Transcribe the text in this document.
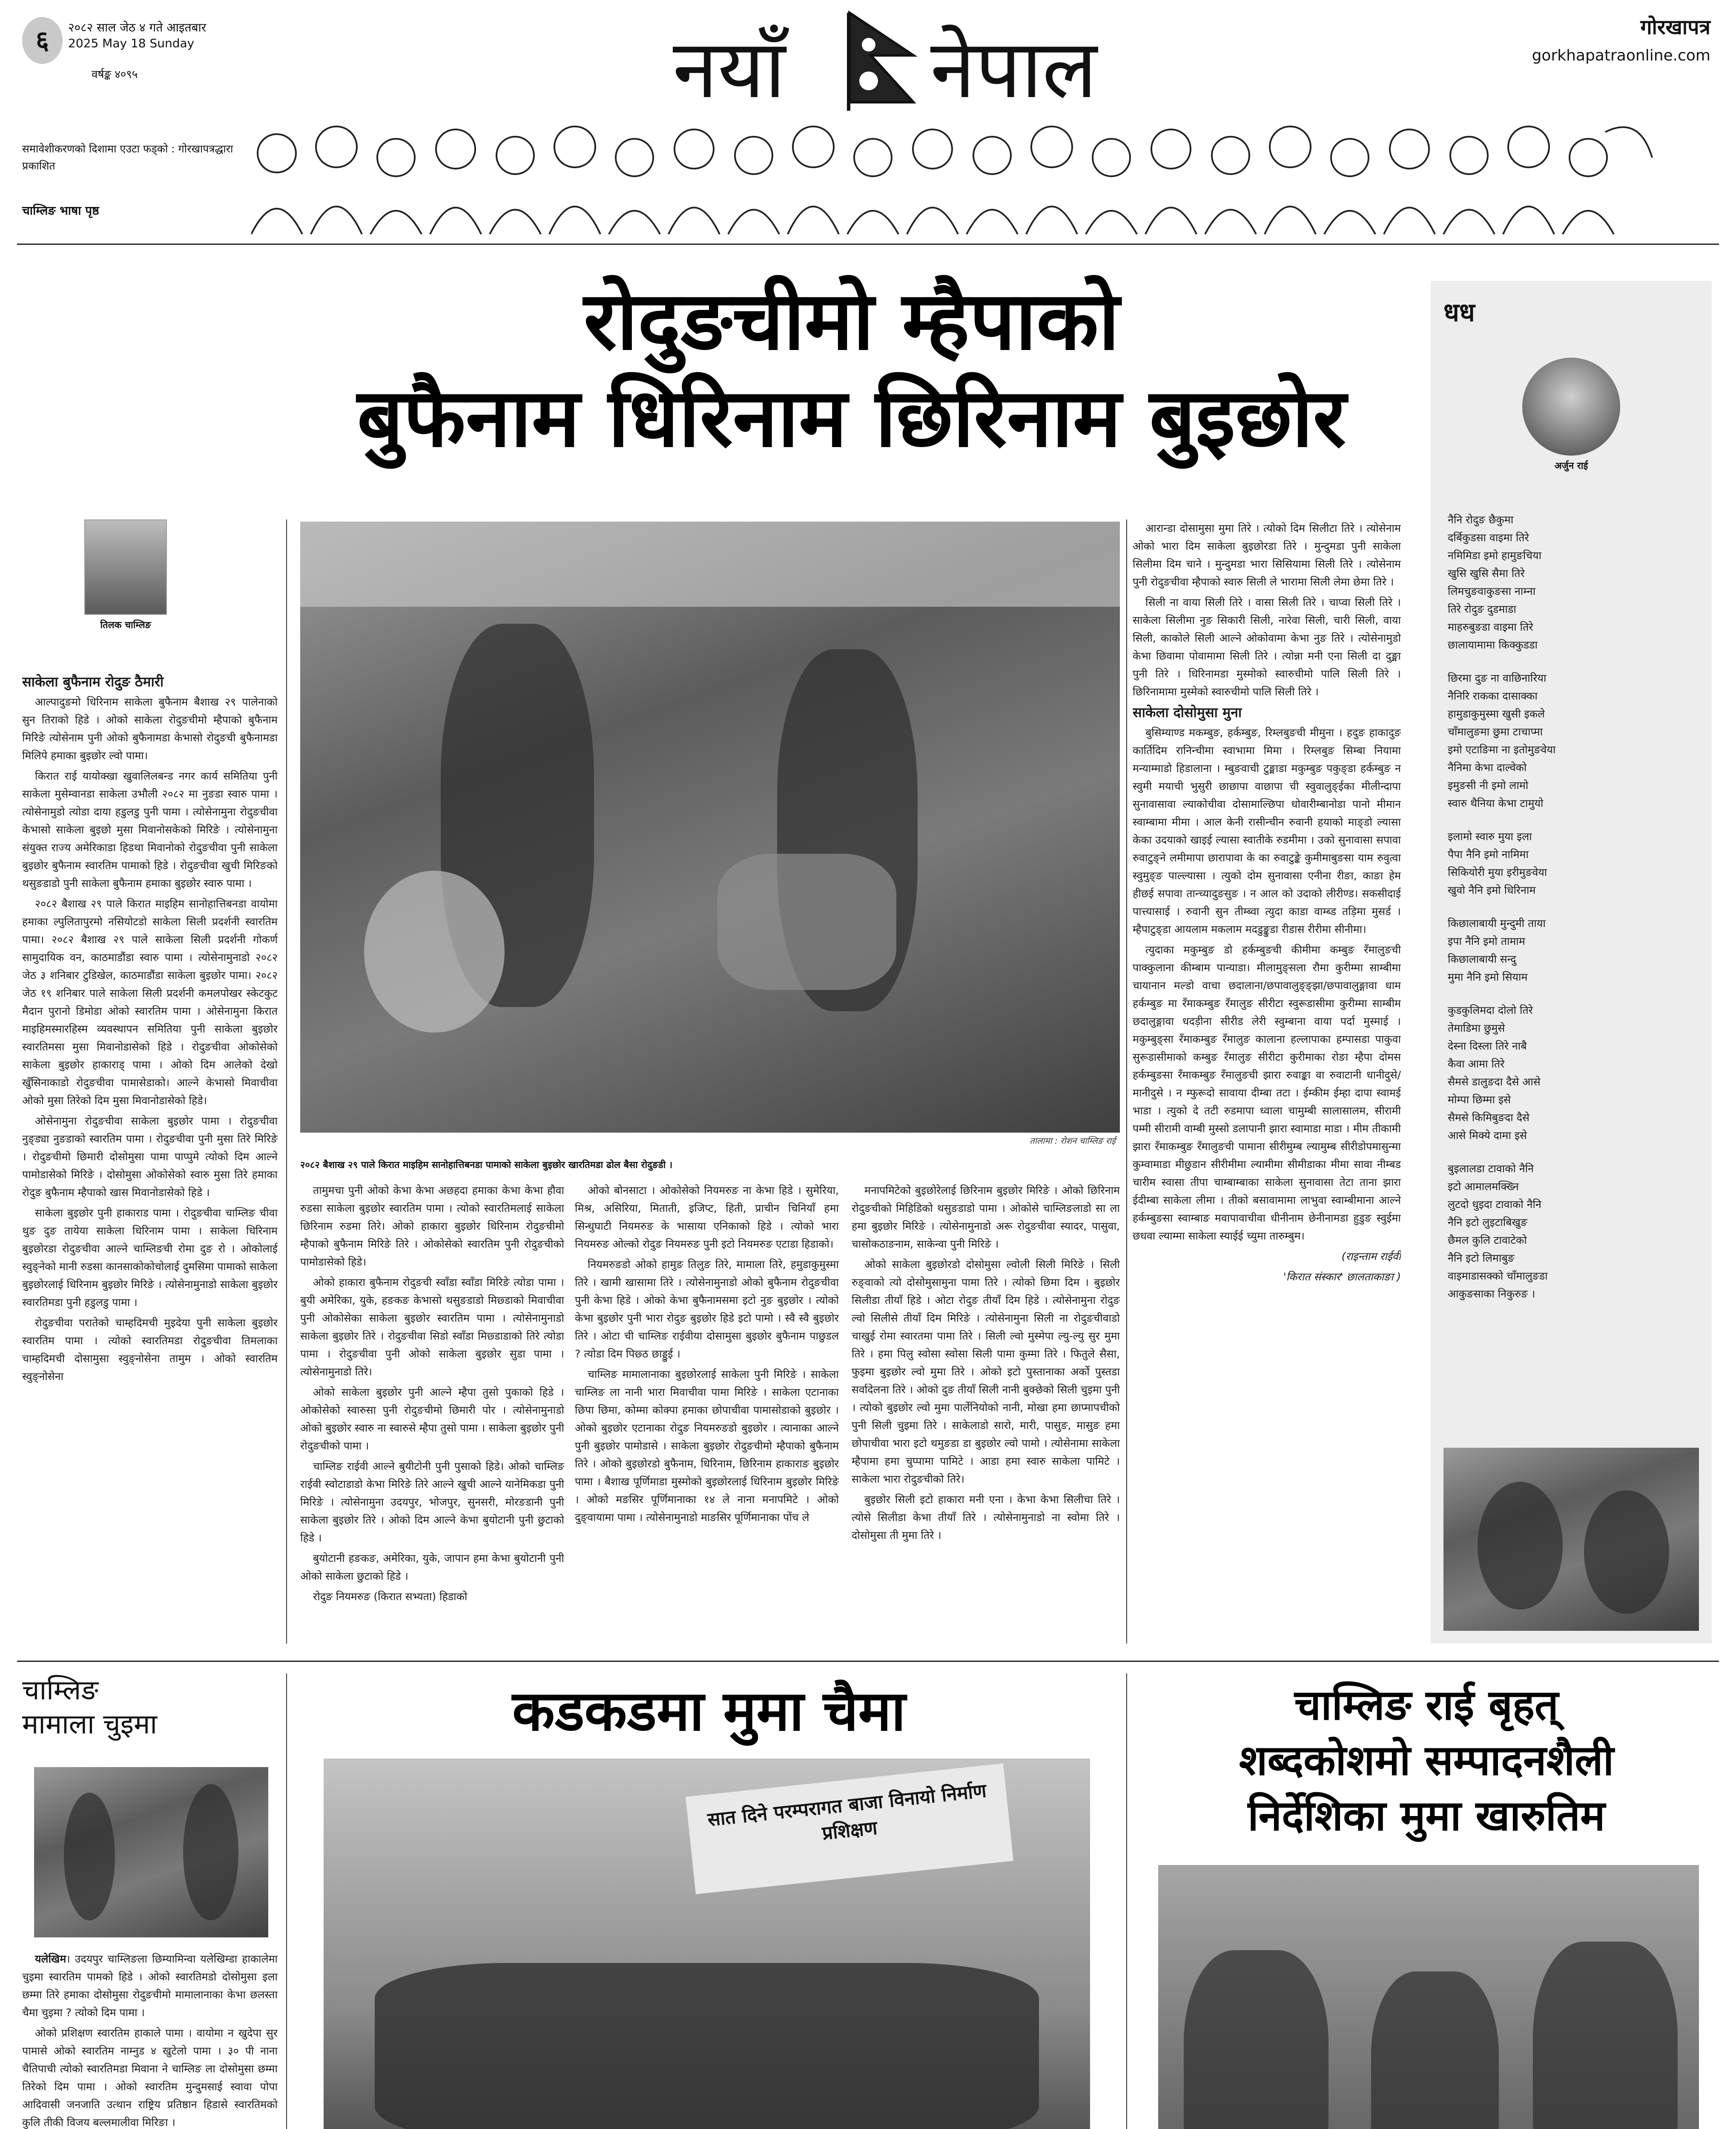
६	२०८२ साल जेठ ४ गते आइतबार
2025 May 18 Sunday
वर्षङ्क ४०९५	नयाँ नेपाल	गोरखापत्र
gorkhapatraonline.com
समावेशीकरणको दिशामा एउटा फड्को : गोरखापत्रद्धारा प्रकाशित
चाम्लिङ भाषा पृष्ठ
रोदुङचीमो म्हैपाको
बुफैनाम धिरिनाम छिरिनाम बुइछोर
तिलक चाम्लिङ

साकेला बुफैनाम रोदुङ ठैमारी

आल्पादुङमो धिरिनाम साकेला बुफैनाम बैशाख २९ पालेनाको सुन तिराको हिडे । ओको साकेला रोदुङचीमो म्हैपाको बुफैनाम मिरिङे त्योसेनाम पुनी ओको बुफैनामडा केभासो रोदुङची बुफैनामडा मिलिपे हमाका बुइछोर ल्वो पामा।

किरात राई यायोक्खा खुवालिलबन्ड नगर कार्य समितिया पुनी साकेला मुसेम्वानडा साकेला उभौली २०८२ मा नुङडा स्वारु पामा । त्योसेनामुडो त्योडा दाया हडुलडु पुनी पामा । त्योसेनामुना रोदुङचीवा केभासो साकेला बुइछो मुसा मिवानोसकेको मिरिङे । त्योसेनामुना संयुक्त राज्य अमेरिकाडा हिडथा मिवानोको रोदुङचीवा पुनी साकेला बुइछोर बुफैनाम स्वारतिम पामाको हिडे । रोदुङचीवा खुची मिरिङको थसुङडाडो पुनी साकेला बुफैनाम हमाका बुइछोर स्वारु पामा ।

२०८२ बैशाख २९ पाले किरात माइहिम सानोहात्तिबनडा वायोमा हमाका ल्पुलितापुरमो नसियोटडो साकेला सिली प्रदर्शनी स्वारतिम पामा। २०८२ बैशाख २९ पाले साकेला सिली प्रदर्शनी गोकर्ण सामुदायिक वन, काठमाडौंडा स्वारु पामा । त्योसेनामुनाडो २०८२ जेठ ३ शनिबार टुडिखेल, काठमाडौंडा साकेला बुइछोर पामा। २०८२ जेठ १९ शनिबार पाले साकेला सिली प्रदर्शनी कमलपोखर स्केटकुट मैदान पुरानो डिमोडा ओको स्वारतिम पामा । ओसेनामुना किरात माइहिमस्मारहिस्म व्यवस्थापन समितिया पुनी साकेला बुइछोर स्वारतिमसा मुसा मिवानोडासेको हिडे । रोदुङचीवा ओकोसेको साकेला बुइछोर हाकाराड् पामा । ओको दिम आलेको देखो खुँसिनाकाडो रोदुङचीवा पामासेडाको। आल्ने केभासो मिवाचीवा ओको मुसा तिरेको दिम मुसा मिवानोडासेको हिडे।

ओसेनामुना रोदुङचीवा साकेला बुइछोर पामा । रोदुङचीवा नुङ्ड्या नुङडाको स्वारतिम पामा । रोदुङचीवा पुनी मुसा तिरे मिरिङे । रोदुङचीमो छिमारी दोसोमुसा पामा पाप्पुमे त्योको दिम आल्ने पामोडासेको मिरिङे । दोसोमुसा ओकोसेको स्वारु मुसा तिरे हमाका रोदुङ बुफैनाम म्हैपाको खास मिवानोडासेको हिडे ।

साकेला बुइछोर पुनी हाकाराड पामा । रोदुङचीवा चाम्लिङ चीवा थुङ दुङ तायेया साकेला धिरिनाम पामा । साकेला धिरिनाम बुइछोरडा रोदुङचीवा आल्ने चाम्लिङची रोमा दुङ रो । ओकोलाई स्वुङ्नेको मानी रुडसा कानसाकोकोचोलाई दुमसिमा पामाको साकेला बुइछोरलाई धिरिनाम बुइछोर मिरिङे । त्योसेनामुनाडो साकेला बुइछोर स्वारतिमडा पुनी हडुलडु पामा ।

रोदुङचीवा परातेको चाम्हदिमची मुइदेया पुनी साकेला बुइछोर स्वारतिम पामा । त्योको स्वारतिमडा रोदुङचीवा तिमलाका चाम्हदिमची दोसामुसा स्वुङ्नोसेना तामुम । ओको स्वारतिम स्वुङ्नोसेना

तालामा : रोशन चाम्लिङ राई
२०८२ बैशाख २९ पाले किरात माइहिम सानोहात्तिबनडा पामाको साकेला बुइछोर खारतिमडा ढोल बैसा रोदुङडी ।

तामुमचा पुनी ओको केभा केभा अछहदा हमाका केभा केभा हौवा रुडसा साकेला बुइछोर स्वारतिम पामा । त्योको स्वारतिमलाई साकेला छिरिनाम रुडमा तिरे। ओको हाकारा बुइछोर धिरिनाम रोदुङचीमो म्हैपाको बुफैनाम मिरिङे तिरे । ओकोसेको स्वारतिम पुनी रोदुङचीको पामोडासेको हिडे।

ओको हाकारा बुफैनाम रोदुङची स्वाँडा स्वाँडा मिरिङे त्योडा पामा । बुयी अमेरिका, युके, हङकङ केभासो थसुङडाडो मिछ्डाको मिवाचीवा पुनी ओकोसेका साकेला बुइछोर स्वारतिम पामा । त्योसेनामुनाडो साकेला बुइछोर तिरे । रोदुङचीवा सिडो स्वाँडा मिछ्डाडाको तिरे त्योडा पामा । रोदुङचीवा पुनी ओको साकेला बुइछोर सुडा पामा । त्योसेनामुनाडो तिरे।

ओको साकेला बुइछोर पुनी आल्ने म्हैपा तुसो पुकाको हिडे । ओकोसेको स्वारुसा पुनी रोदुङचीमो छिमारी पोर । त्योसेनामुनाडो ओको बुइछोर स्वारु ना स्वारुसे म्हैपा तुसो पामा । साकेला बुइछोर पुनी रोदुङचीको पामा ।

चाम्लिङ राईवी आल्ने बुयीटोनी पुनी पुसाको हिडे। ओको चाम्लिङ राईवी स्वोटाडाडो केभा मिरिङे तिरे आल्ने खुची आल्ने यानेमिकडा पुनी मिरिङे । त्योसेनामुना उदयपुर, भोजपुर, सुनसरी, मोरङडानी पुनी साकेला बुइछोर तिरे । ओको दिम आल्ने केभा बुयोटानी पुनी छुटाको हिडे ।

बुयोटानी हङकङ, अमेरिका, युके, जापान हमा केभा बुयोटानी पुनी ओको साकेला छुटाको हिडे ।

रोदुङ नियमरुङ (किरात सभ्यता) हिडाको

ओको बोनसाटा । ओकोसेको नियमरुङ ना केभा हिडे । सुमेरिया, मिश्र, असिरिया, मिताती, इजिप्ट, हिती, प्राचीन चिनियाँ हमा सिन्धुघाटी नियमरुङ के भासाया एनिकाको हिडे । त्योको भारा नियमरुङ ओल्को रोदुङ नियमरुङ पुनी इटो नियमरुङ एटाडा हिडाको।

नियमरुङडो ओको हामुङ तिलुङ तिरे, मामाला तिरे, हमुडाकुमुस्मा तिरे । खामी खासामा तिरे । त्योसेनामुनाडो ओको बुफैनाम रोदुङचीवा पुनी केभा हिडे । ओको केभा बुफैनामसमा इटो नुङ बुइछोर । त्योको केभा बुइछोर पुनी भारा रोदुङ बुइछोर हिडे इटो पामो । स्वै स्वै बुइछोर तिरे । ओटा ची चाम्लिङ राईवीया दोसामुसा बुइछोर बुफैनाम पाछुडल ? त्योडा दिम पिछ्ठ छाड्डुई ।

चाम्लिङ मामालानाका बुइछोरलाई साकेला पुनी मिरिङे । साकेला चाम्लिङ ला नानी भारा मिवाचीवा पामा मिरिङे । साकेला एटानाका छिपा छिमा, कोम्मा कोक्पा हमाका छोपाचीवा पामासोडाको बुइछोर । ओको बुइछोर एटानाका रोदुङ नियमरुङडो बुइछोर । त्यानाका आल्ने पुनी बुइछोर पामोडासे । साकेला बुइछोर रोदुङचीमो म्हैपाको बुफैनाम तिरे । ओको बुइछोरडो बुफैनाम, धिरिनाम, छिरिनाम हाकाराङ बुइछोर पामा । बैशाख पूर्णिमाडा मुस्मोको बुइछोरलाई धिरिनाम बुइछोर मिरिङे । ओको मङसिर पूर्णिमानाका १४ ले नाना मनापमिटे । ओको दुङ्वायामा पामा । त्योसेनामुनाडो माङसिर पूर्णिमानाका पोंच ले

मनापमिटेको बुइछोरेलाई छिरिनाम बुइछोर मिरिङे । ओको छिरिनाम रोदुङचीको मिहिडिको थसुङडाडो पामा । ओकोसे चाम्लिङलाडो सा ला हमा बुइछोर मिरिङे । त्योसेनामुनाडो अरू रोदुङचीवा स्यादर, पासुवा, चासोकठाङनाम, साकेन्वा पुनी मिरिङे ।

ओको साकेला बुइछोरडो दोसोमुसा ल्वोली सिली मिरिङे । सिली रुङ्वाको त्यो दोसोमुसामुना पामा तिरे । त्योको छिमा दिम । बुइछोर सिलीडा तीयाँ हिडे । ओटा रोदुङ तीयाँ दिम हिडे । त्योसेनामुना रोदुङ ल्वो सिलीसे तीयाँ दिम मिरिङे । त्योसेनामुना सिली ना रोदुङचीवाडो चाखुई रोमा स्वारतमा पामा तिरे । सिली ल्वो मुस्मेपा ल्यु-ल्यु सुर मुमा तिरे । हमा पिलु स्वोसा स्वोसा सिली पामा कुम्मा तिरे । फितुले सैसा, फुइमा बुइछोर ल्वो मुमा तिरे । ओको इटो पुस्तानाका अर्को पुस्तडा सर्वादेलना तिरे । ओको दुङ तीयाँ सिली नानी बुक्छेको सिली चुइमा पुनी । त्योको बुइछोर ल्वो मुमा पार्लेनियोको नानी, मोखा हमा छाप्मापचीको पुनी सिली चुइमा तिरे । साकेलाडो सारो, मारी, पासुङ, मासुङ हमा छोपाचीवा भारा इटो थमुङडा डा बुइछोर ल्वो पामो । त्योसेनामा साकेला म्हैपामा हमा चुप्पामा पामिटे । आडा हमा स्वारु साकेला पामिटे । साकेला भारा रोदुङचीको तिरे।

बुइछोर सिली इटो हाकारा मनी एना । केभा केभा सिलीचा तिरे । त्योसे सिलीडा केभा तीयाँ तिरे । त्योसेनामुनाडो ना स्वोमा तिरे । दोसोमुसा ती मुमा तिरे ।

आरान्डा दोसामुसा मुमा तिरे । त्योको दिम सिलीटा तिरे । त्योसेनाम ओको भारा दिम साकेला बुइछोरडा तिरे । मुन्दुमडा पुनी साकेला सिलीमा दिम चाने । मुन्दुमडा भारा सिसियामा सिली तिरे । त्योसेनाम पुनी रोदुङचीवा म्हैपाको स्वारु सिली ले भारामा सिली लेमा छेमा तिरे ।

सिली ना वाया सिली तिरे । वासा सिली तिरे । चाप्वा सिली तिरे । साकेला सिलीमा नुङ सिकारी सिली, नारेवा सिली, चारी सिली, वाया सिली, काकोले सिली आल्ने ओकोवामा केभा नुङ तिरे । त्योसेनामुडो केभा छिवामा पोवामामा सिली तिरे । त्योन्ना मनी एना सिली दा दुङ्मा पुनी तिरे । धिरिनामडा मुस्मोको स्वारुचीमो पालि सिली तिरे । छिरिनामामा मुस्मेको स्वारुचीमो पालि सिली तिरे ।

साकेला दोसोमुसा मुना

बुसिम्याण्ड मकम्बुङ, हर्कम्बुङ, रिम्लबुङची मीमुना । हदुङ हाकादुङ कार्तिदिम रानिन्चीमा स्वाभामा मिमा । रिम्लबुङ सिम्बा नियामा मन्याम्माडो हिडालाना । म्बुङवाची टुङ्माडा मकुम्बुङ पकुङ्डा हर्कम्बुङ न स्वुमी मयाची भुसुरी छाछापा वाछापा ची स्वुवालुङ्ईका मीलीन्दापा सुनावासावा ल्याकोचीवा दोसामाल्छिपा धोवारीम्बानोडा पानो मीमान स्वाम्बामा मीमा । आल केनी रासीन्चीन रुवानी हयाको माङ्डो ल्यासा केका उदयाको खाइई ल्यासा स्वातीके रुडमीमा । उको सुनावासा सपावा रुवाटुङ्ने लमीमापा छारापावा के का रुवाटुङ्के कुमीमाबुङसा याम रुवुत्वा स्वुमुङ्ङ पाल्ल्यासा । त्युको दोम सुनावासा एनीना रीङा, काङा हेम हीछई सपावा तान्च्यादुङसुङ । न आल को उदाको लीरीण्ड। सकसीदाई पात्त्यासाई । रुवानी सुन तीम्ब्वा त्युदा काडा वाम्ब्ड तड़िमा मुसर्ड । म्हैपाटुङ्डा आयलाम मकलाम मदडुङ्कुडा रीडास रीरीमा सीनीमा।

त्युदाका मकुम्बुङ डो हर्कम्बुङची कीमीमा कम्बुङ रँमालुङची पाक्कुलाना कीम्बाम पान्याडा। मीलामुङ्सला रौमा कुरीम्मा साम्बीमा चायानान मल्डो वाचा छदालाना/छपावालुङ्ङ्झा/छपावालुङ्गावा धाम हर्कम्बुङ मा रँमाकम्बुङ रँमालुङ सीरीटा स्वुरूडासीमा कुरीम्मा साम्बीम छदालुङ्गावा धदड़ीना सीरीड लेरी स्वुम्बाना वाया पर्दा मुस्माई । मकुम्बुङ्सा रँमाकम्बुङ रँमालुङ कालाना हल्लापाका हम्पासडा पाकुवा सुरूडासीमाको कम्बुङ रँमालुङ सीरीटा कुरीमाका रोङा म्हैपा दोमस हर्कम्बुङसा रँमाकम्बुङ रँमालुङची झारा रुवाङ्का वा रुवाटानी धानीदुसे/मानीदुसे । न म्फुरूदो सावाया दीम्बा तटा । ईम्कीम ईम्हा दापा स्वामई भाडा । त्युको दे तटी रुडमापा ध्वाला चामुम्बी सालासालम, सीरामी पम्मी सीरामी वाम्बी मुस्सो डलापानी झारा स्वामाडा माडा । मीम तीकामी झारा रँमाकम्बुङ रँमालुङची पामाना सीरीमुम्ब ल्यामुम्ब सीरीडोपमासुन्मा कुम्वामाडा मीछुडान सीरीमीमा ल्यामीमा सीमीडाका मीमा सावा नीम्बड चारीम स्वासा तीपा चाम्बाम्बाका साकेला सुनावासा तेटा ताना झारा ईदीम्बा साकेला लीमा । तीको बसावामामा लाभुवा स्वाम्बीमाना आल्ने हर्कम्बुङसा स्वाम्बाङ मवापावाचीवा धीनीनाम छेनीनामडा हुडुङ स्वुईमा छधवा ल्याम्मा साकेला स्याईई च्युमा तारुम्बुम।

(राइन्ताम राईवी

'किरात संस्कार' छालताकाङा )

धध
अर्जुन राई
नैनि रोदुङ छैकुमा
दर्बिकुडसा वाइमा तिरे
नमिमिडा इमो हामुङचिया
खुसि खुसि सैमा तिरे
लिमचुङवाकुङसा नाम्ना
तिरे रोदुङ दुडमाडा
माहरुबुङडा वाइमा तिरे
छालायामामा किक्कुडडा
छिरमा दुङ ना वाछिनारिया
नैनिरि राकका दासाक्का
हामुडाकुमुस्मा खुसी इकले
चाँमालुङमा छुमा टाचाप्मा
इमो एटाङिमा ना इतोमुङवेया
नैनिमा केभा दाल्वेको
इमुङसी नी इमो लामो
स्वारु थैनिया केभा टामुयो
इलामो स्वारु मुया इला
पैपा नैनि इमो नामिमा
सिकियोरी मुया इरीमुङवेया
खुवो नैनि इमो धिरिनाम
किछालाबायी मुन्दुमी ताया
इपा नैनि इमो तामाम
किछालाबायी सन्दु
मुमा नैनि इमो सियाम
कुडकुलिमदा दोलो तिरे
तेमाडिमा छुमुसे
देस्ना दिस्ला तिरे नाबै
कैवा आमा तिरे
सैमसे डालुङदा दैसे आसे
मोम्पा छिम्मा इसे
सैमसे किमिबुङदा दैसे
आसे मिक्ये दामा इसे
बुइलालडा टावाको नैनि
इटो आमालमक्ख्नि
लुटदो धुइदा टावाको नैनि
नैनि इटो लुइटाबिखुङ
छैमल कुलि टावाटेको
नैनि इटो लिमाबुङ
वाइमाडासक्को चाँमालुङडा
आकुङसाका निकुरुङ ।
चाम्लिङ
मामाला चुइमा

यलेखिम। उदयपुर चाम्लिङला छिम्यामिन्वा यलेखिम्डा हाकालेमा चुइमा स्वारतिम पामको हिडे । ओको स्वारतिमडो दोसोमुसा इला छम्मा तिरे हमाका दोसोमुसा रोदुङचीमो मामालानाका केभा छलस्ता चैमा चुइमा ? त्योको दिम पामा ।

ओको प्रशिक्षण स्वारतिम हाकाले पामा । वायोमा न खुदेपा सुर पामासे ओको स्वारतिम नाम्नुड ४ खुटेलो पामा । ३० पी नाना चैतिपाची त्योको स्वारतिमडा मिवाना ने चाम्लिङ ला दोसोमुसा छम्मा तिरेको दिम पामा । ओको स्वारतिम मुन्दुमसाई स्वावा पोपा आदिवासी जनजाति उत्थान राष्ट्रिय प्रतिष्ठान हिडासे स्वारतिमको कुलि तीकी विजय बल्लमालीवा मिरिङा ।

कडकडमा मुमा चैमा
सात दिने परम्परागत बाजा विनायो निर्माण प्रशिक्षण

चाम्लिङ राई बृहत्
शब्दकोशमो सम्पादनशैली
निर्देशिका मुमा खारुतिम
